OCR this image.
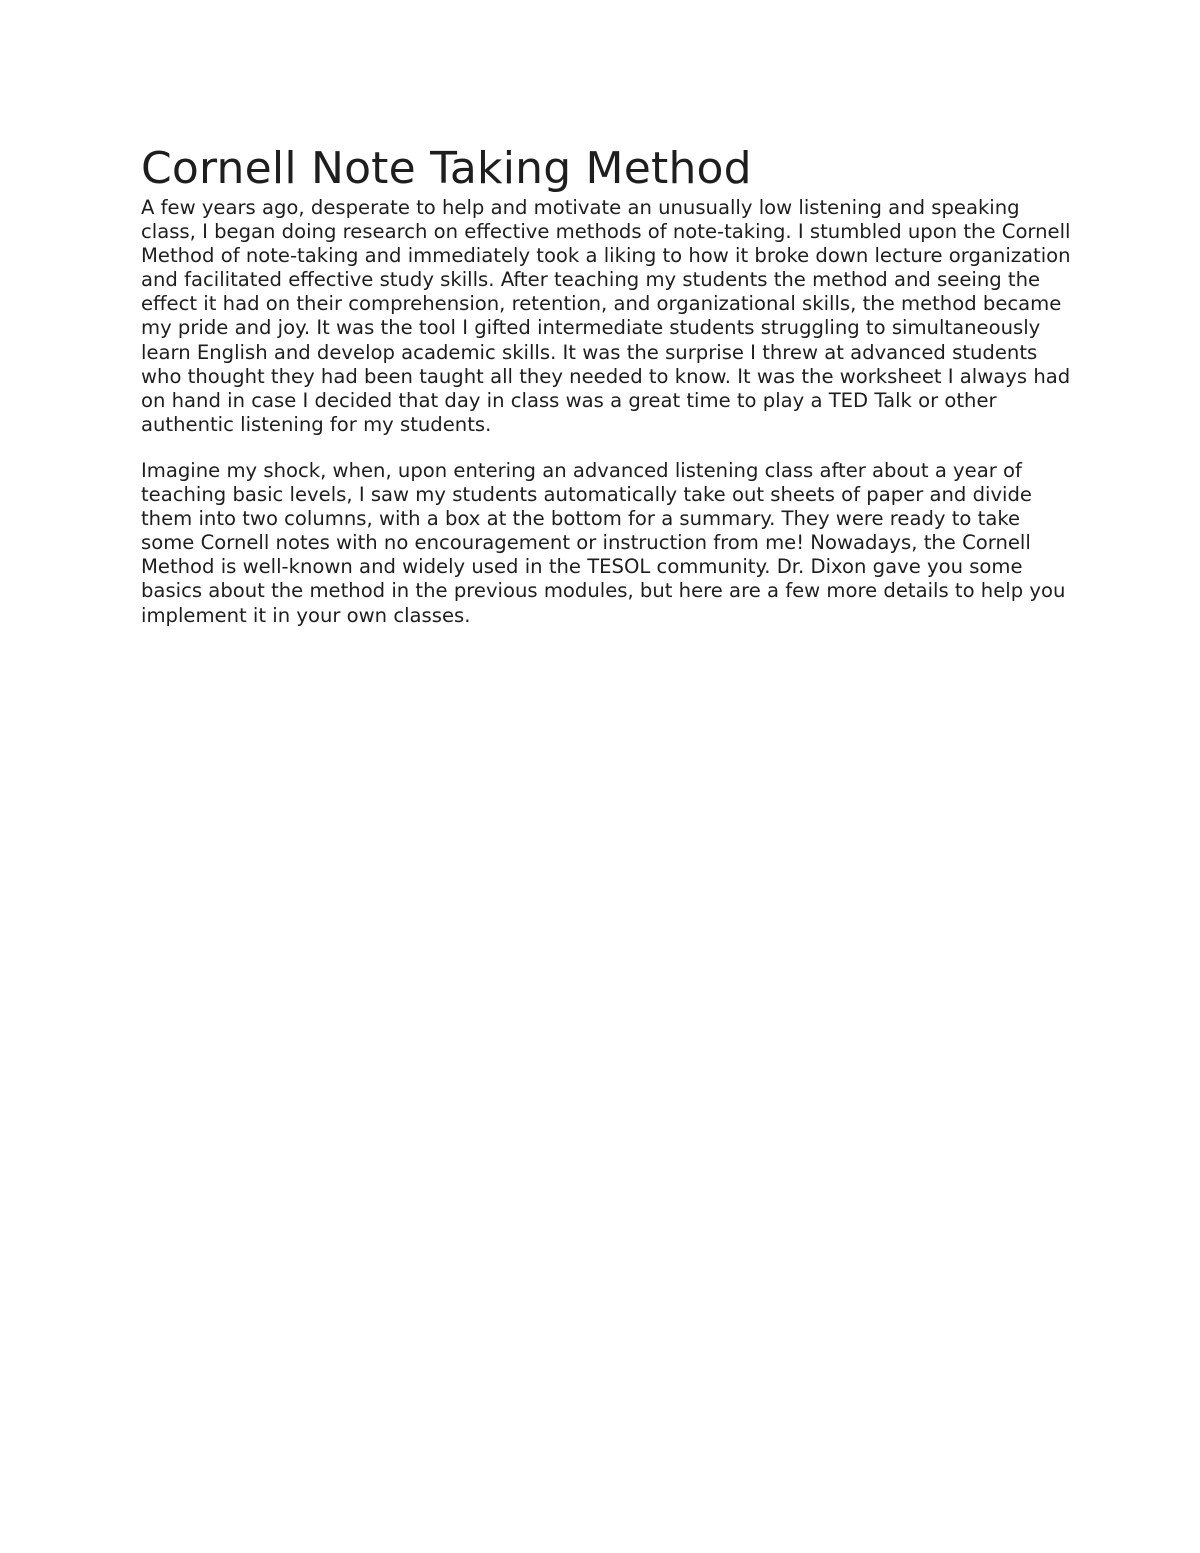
Cornell Note Taking Method

A few years ago, desperate to help and motivate an unusually low listening and speaking class, I began doing research on effective methods of note-taking. I stumbled upon the Cornell Method of note-taking and immediately took a liking to how it broke down lecture organization and facilitated effective study skills. After teaching my students the method and seeing the effect it had on their comprehension, retention, and organizational skills, the method became my pride and joy. It was the tool I gifted intermediate students struggling to simultaneously learn English and develop academic skills. It was the surprise I threw at advanced students who thought they had been taught all they needed to know. It was the worksheet I always had on hand in case I decided that day in class was a great time to play a TED Talk or other authentic listening for my students.

Imagine my shock, when, upon entering an advanced listening class after about a year of teaching basic levels, I saw my students automatically take out sheets of paper and divide them into two columns, with a box at the bottom for a summary. They were ready to take some Cornell notes with no encouragement or instruction from me! Nowadays, the Cornell Method is well-known and widely used in the TESOL community. Dr. Dixon gave you some basics about the method in the previous modules, but here are a few more details to help you implement it in your own classes.
